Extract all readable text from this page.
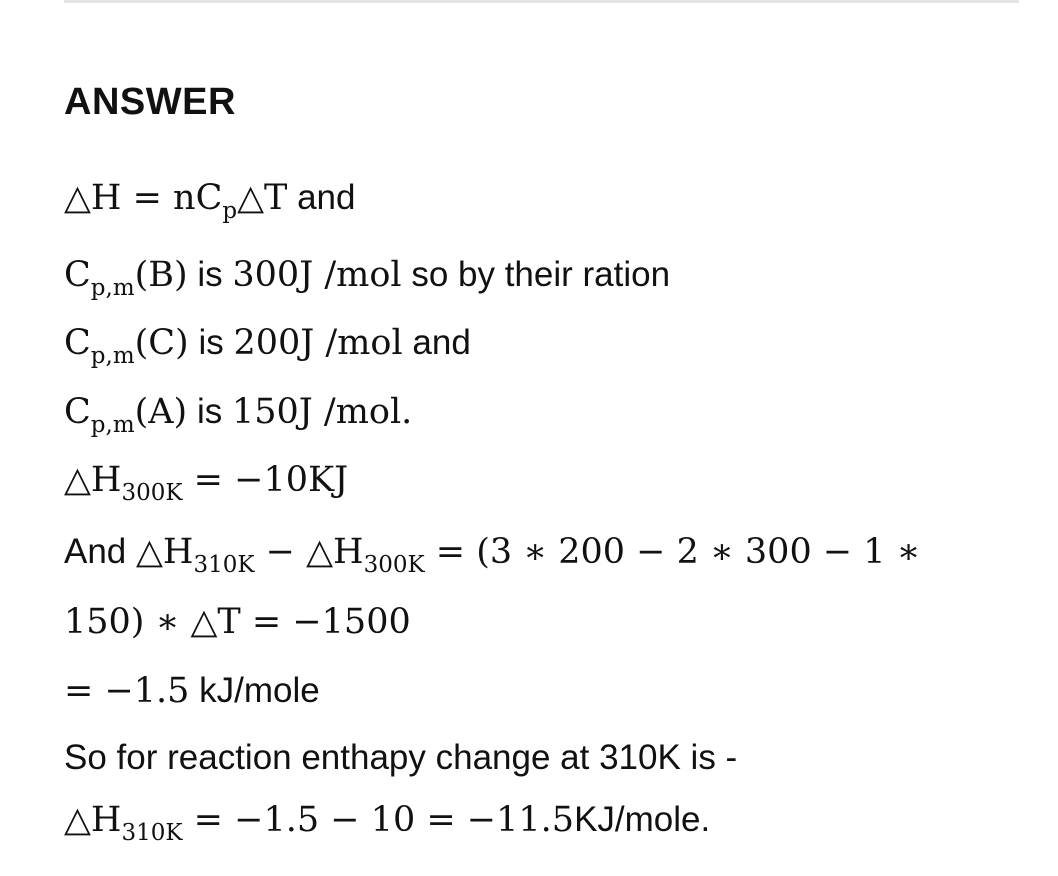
ANSWER
△H = $nC_p\triangle T$ and
$C_{p,m}(B)$ is 300J /mol so by their ration
$C_{p,m}(C)$ is 200J /mol and
$C_{p,m}(A)$ is 150J /mol.
$\triangle H_{300K} = -10KJ$
And $\triangle H_{310K}$ − $\triangle H_{300K} = (3$ ∗ 200 − 2 ∗ 300 − 1 ∗
150) ∗ △T = −1500
= −1.5 kJ/mole
So for reaction enthapy change at 310K is -
$\triangle H_{310K} = -1.5 - 10$ = −11.5KJ/mole.
